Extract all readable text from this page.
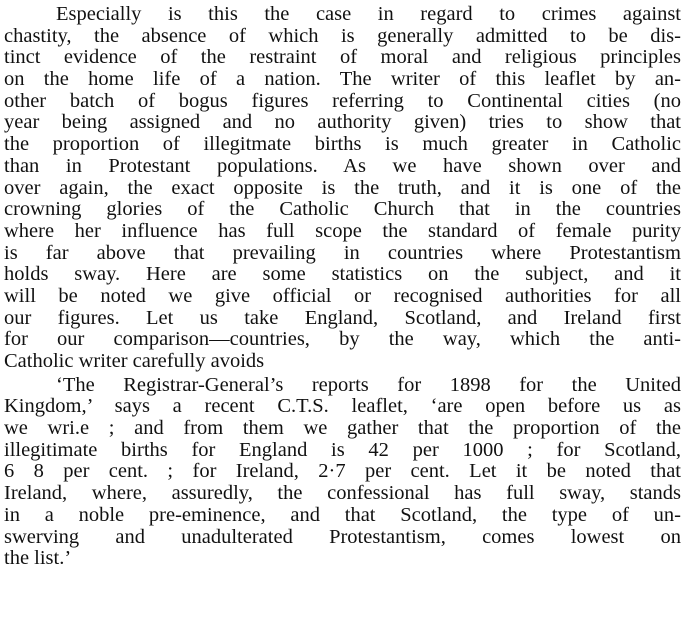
Especially is this the case in regard to crimes against
chastity, the absence of which is generally admitted to be dis-
tinct evidence of the restraint of moral and religious principles
on the home life of a nation. The writer of this leaflet by an-
other batch of bogus figures referring to Continental cities (no
year being assigned and no authority given) tries to show that
the proportion of illegitmate births is much greater in Catholic
than in Protestant populations. As we have shown over and
over again, the exact opposite is the truth, and it is one of the
crowning glories of the Catholic Church that in the countries
where her influence has full scope the standard of female purity
is far above that prevailing in countries where Protestantism
holds sway. Here are some statistics on the subject, and it
will be noted we give official or recognised authorities for all
our figures. Let us take England, Scotland, and Ireland first
for our comparison—countries, by the way, which the anti-
Catholic writer carefully avoids
‘The Registrar-General’s reports for 1898 for the United
Kingdom,’ says a recent C.T.S. leaflet, ‘are open before us as
we wri.e ; and from them we gather that the proportion of the
illegitimate births for England is 42 per 1000 ; for Scotland,
6 8 per cent. ; for Ireland, 2·7 per cent. Let it be noted that
Ireland, where, assuredly, the confessional has full sway, stands
in a noble pre-eminence, and that Scotland, the type of un-
swerving and unadulterated Protestantism, comes lowest on
the list.’
